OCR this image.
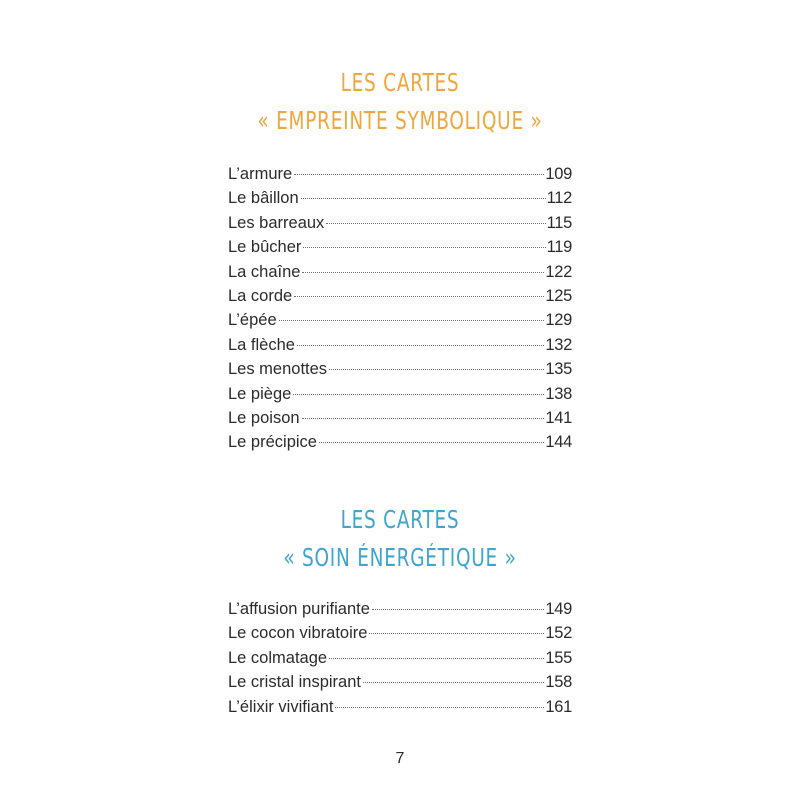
LES CARTES
« EMPREINTE SYMBOLIQUE »
L’armure	109
Le bâillon	112
Les barreaux	115
Le bûcher	119
La chaîne	122
La corde	125
L’épée	129
La flèche	132
Les menottes	135
Le piège	138
Le poison	141
Le précipice	144
LES CARTES
« SOIN ÉNERGÉTIQUE »
L’affusion purifiante	149
Le cocon vibratoire	152
Le colmatage	155
Le cristal inspirant	158
L’élixir vivifiant	161
7
